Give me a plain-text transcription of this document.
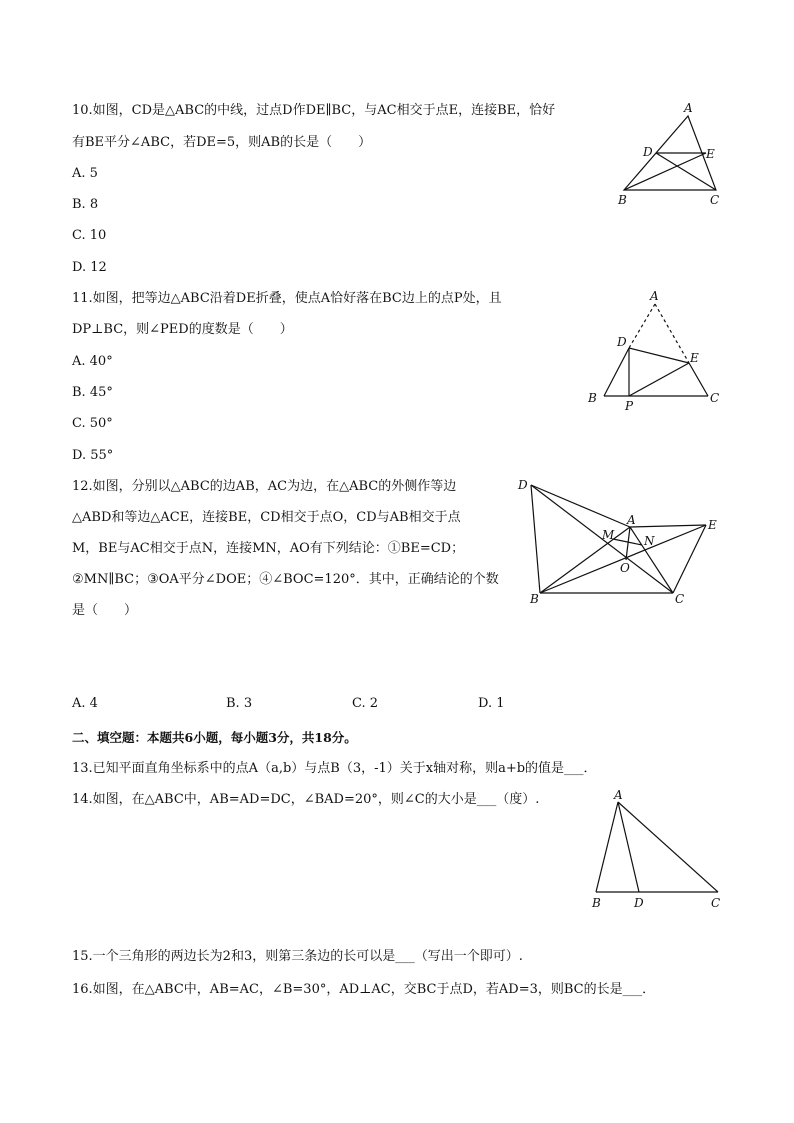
10.如图，CD是△ABC的中线，过点D作DE∥BC，与AC相交于点E，连接BE，恰好
有BE平分∠ABC，若DE=5，则AB的长是（　　）
A. 5
B. 8
C. 10
D. 12
A
D	E
B	C
11.如图，把等边△ABC沿着DE折叠，使点A恰好落在BC边上的点P处，且
DP⊥BC，则∠PED的度数是（　　）
A. 40°
B. 45°
C. 50°
D. 55°
A
D
E
B
P
C
12.如图，分别以△ABC的边AB，AC为边，在△ABC的外侧作等边
△ABD和等边△ACE，连接BE，CD相交于点O，CD与AB相交于点
M，BE与AC相交于点N，连接MN，AO有下列结论：①BE=CD；
②MN∥BC；③OA平分∠DOE；④∠BOC=120°．其中，正确结论的个数
是（　　）
A. 4	B. 3	C. 2	D. 1
D
A	E
M N
O
B	C
二、填空题：本题共6小题，每小题3分，共18分。
13.已知平面直角坐标系中的点A（a,b）与点B（3，-1）关于x轴对称，则a+b的值是___．
14.如图，在△ABC中，AB=AD=DC，∠BAD=20°，则∠C的大小是___（度）.	A
B	D	C
15.一个三角形的两边长为2和3，则第三条边的长可以是___（写出一个即可）.
16.如图，在△ABC中，AB=AC，∠B=30°，AD⊥AC，交BC于点D，若AD=3，则BC的长是___．
